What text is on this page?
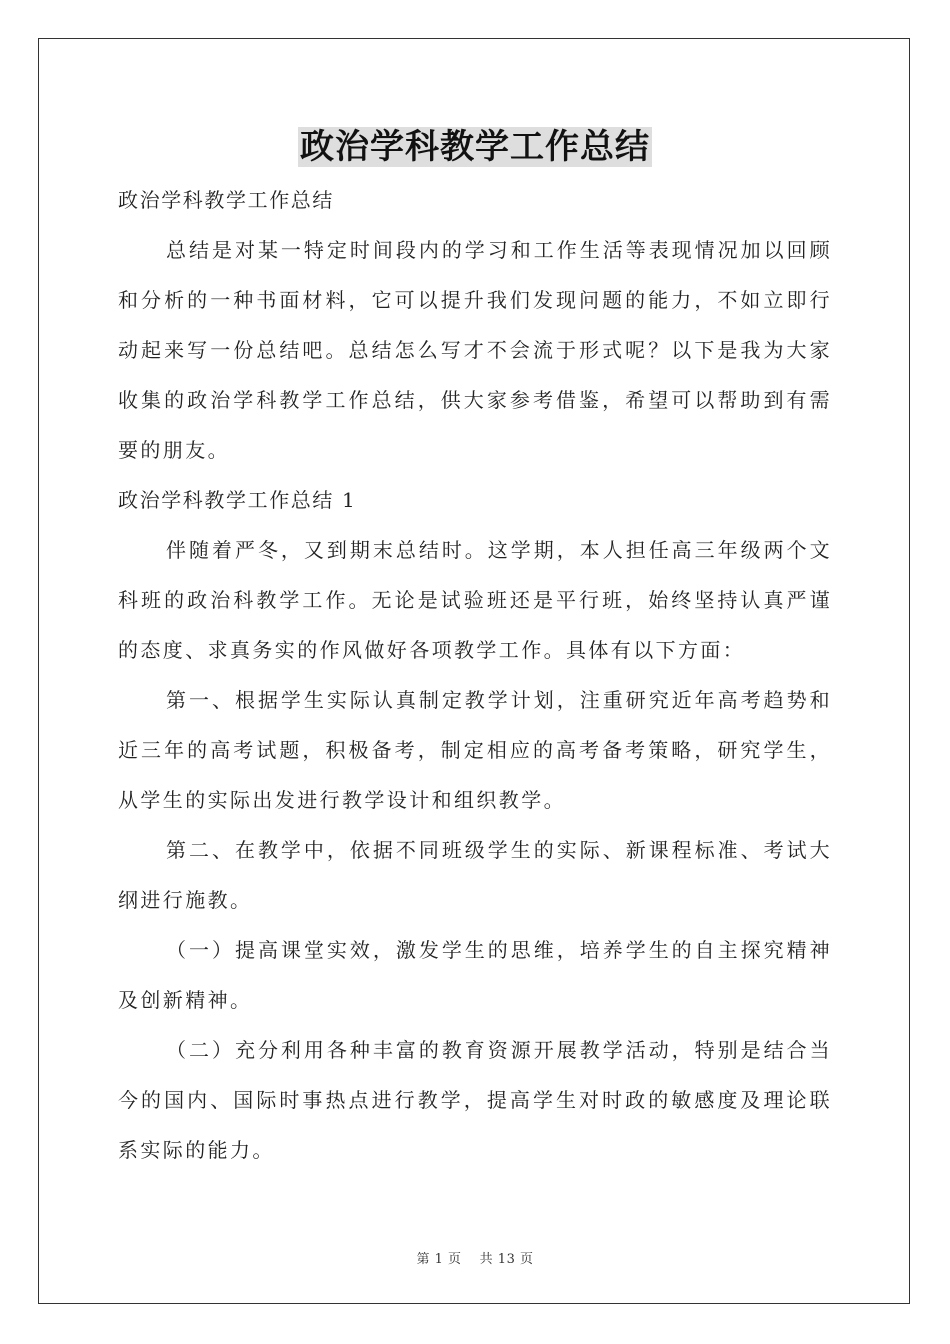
政治学科教学工作总结

政治学科教学工作总结

总结是对某一特定时间段内的学习和工作生活等表现情况加以回顾和分析的一种书面材料，它可以提升我们发现问题的能力，不如立即行动起来写一份总结吧。总结怎么写才不会流于形式呢？以下是我为大家收集的政治学科教学工作总结，供大家参考借鉴，希望可以帮助到有需要的朋友。

政治学科教学工作总结 1

伴随着严冬，又到期末总结时。这学期，本人担任高三年级两个文科班的政治科教学工作。无论是试验班还是平行班，始终坚持认真严谨的态度、求真务实的作风做好各项教学工作。具体有以下方面：

第一、根据学生实际认真制定教学计划，注重研究近年高考趋势和近三年的高考试题，积极备考，制定相应的高考备考策略，研究学生，从学生的实际出发进行教学设计和组织教学。

第二、在教学中，依据不同班级学生的实际、新课程标准、考试大纲进行施教。

（一）提高课堂实效，激发学生的思维，培养学生的自主探究精神及创新精神。

（二）充分利用各种丰富的教育资源开展教学活动，特别是结合当今的国内、国际时事热点进行教学，提高学生对时政的敏感度及理论联系实际的能力。

第 1 页　 共 13 页
